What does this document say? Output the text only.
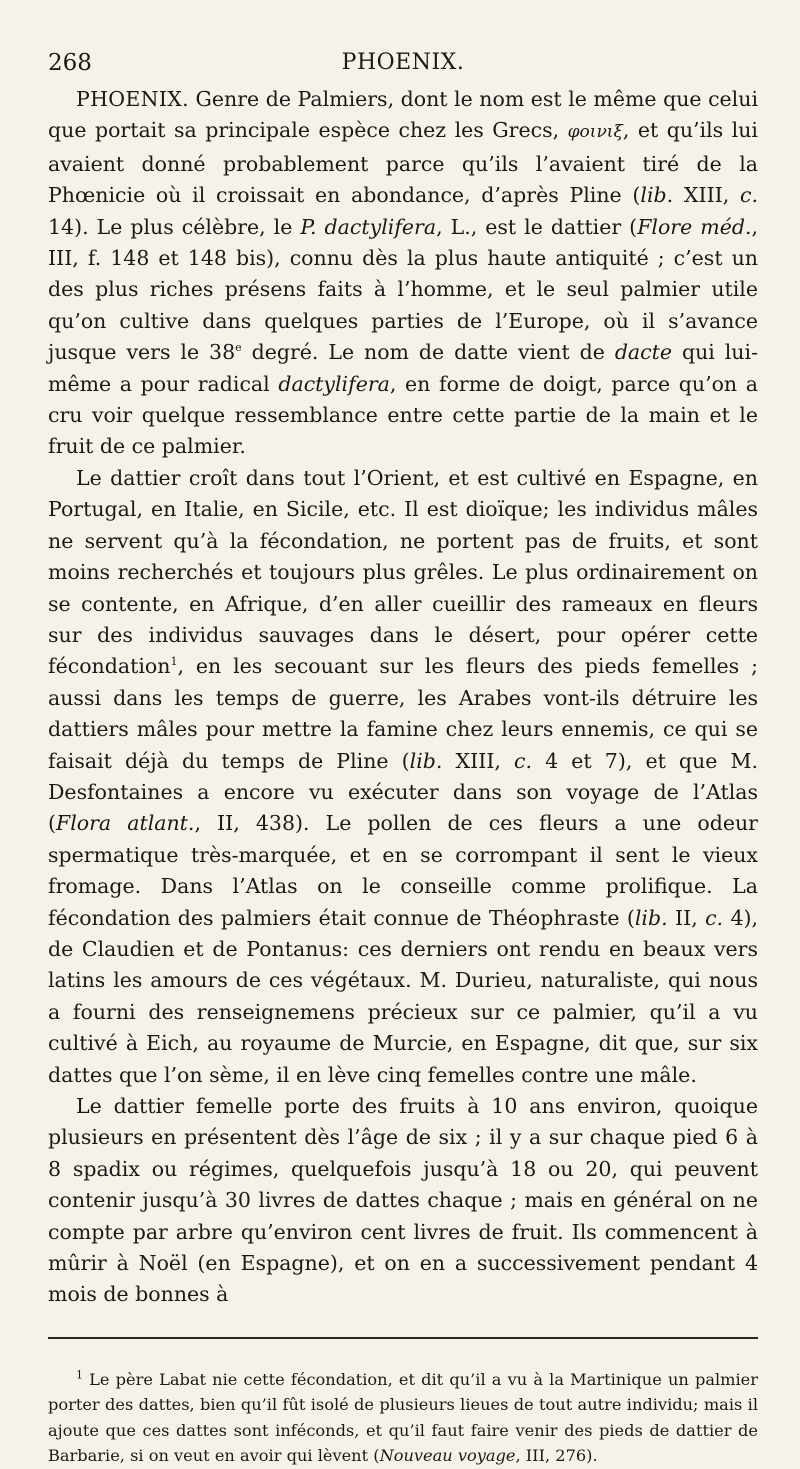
268	PHOENIX.

PHOENIX. Genre de Palmiers, dont le nom est le même que celui que portait sa principale espèce chez les Grecs, φοινιξ, et qu’ils lui avaient donné probablement parce qu’ils l’avaient tiré de la Phœnicie où il croissait en abondance, d’après Pline (lib. XIII, c. 14). Le plus célèbre, le P. dactylifera, L., est le dattier (Flore méd., III, f. 148 et 148 bis), connu dès la plus haute antiquité ; c’est un des plus riches présens faits à l’homme, et le seul palmier utile qu’on cultive dans quelques parties de l’Europe, où il s’avance jusque vers le 38e degré. Le nom de datte vient de dacte qui lui-même a pour radical dactylifera, en forme de doigt, parce qu’on a cru voir quelque ressemblance entre cette partie de la main et le fruit de ce palmier.

Le dattier croît dans tout l’Orient, et est cultivé en Espagne, en Portugal, en Italie, en Sicile, etc. Il est dioïque; les individus mâles ne servent qu’à la fécondation, ne portent pas de fruits, et sont moins recherchés et toujours plus grêles. Le plus ordinairement on se contente, en Afrique, d’en aller cueillir des rameaux en fleurs sur des individus sauvages dans le désert, pour opérer cette fécondation$^1$, en les secouant sur les fleurs des pieds femelles ; aussi dans les temps de guerre, les Arabes vont-ils détruire les dattiers mâles pour mettre la famine chez leurs ennemis, ce qui se faisait déjà du temps de Pline (lib. XIII, c. 4 et 7), et que M. Desfontaines a encore vu exécuter dans son voyage de l’Atlas (Flora atlant., II, 438). Le pollen de ces fleurs a une odeur spermatique très-marquée, et en se corrompant il sent le vieux fromage. Dans l’Atlas on le conseille comme prolifique. La fécondation des palmiers était connue de Théophraste (lib. II, c. 4), de Claudien et de Pontanus: ces derniers ont rendu en beaux vers latins les amours de ces végétaux. M. Durieu, naturaliste, qui nous a fourni des renseignemens précieux sur ce palmier, qu’il a vu cultivé à Eich, au royaume de Murcie, en Espagne, dit que, sur six dattes que l’on sème, il en lève cinq femelles contre une mâle.

Le dattier femelle porte des fruits à 10 ans environ, quoique plusieurs en présentent dès l’âge de six ; il y a sur chaque pied 6 à 8 spadix ou régimes, quelquefois jusqu’à 18 ou 20, qui peuvent contenir jusqu’à 30 livres de dattes chaque ; mais en général on ne compte par arbre qu’environ cent livres de fruit. Ils commencent à mûrir à Noël (en Espagne), et on en a successivement pendant 4 mois de bonnes à

$^1$ Le père Labat nie cette fécondation, et dit qu’il a vu à la Martinique un palmier porter des dattes, bien qu’il fût isolé de plusieurs lieues de tout autre individu; mais il ajoute que ces dattes sont inféconds, et qu’il faut faire venir des pieds de dattier de Barbarie, si on veut en avoir qui lèvent (Nouveau voyage, III, 276).
